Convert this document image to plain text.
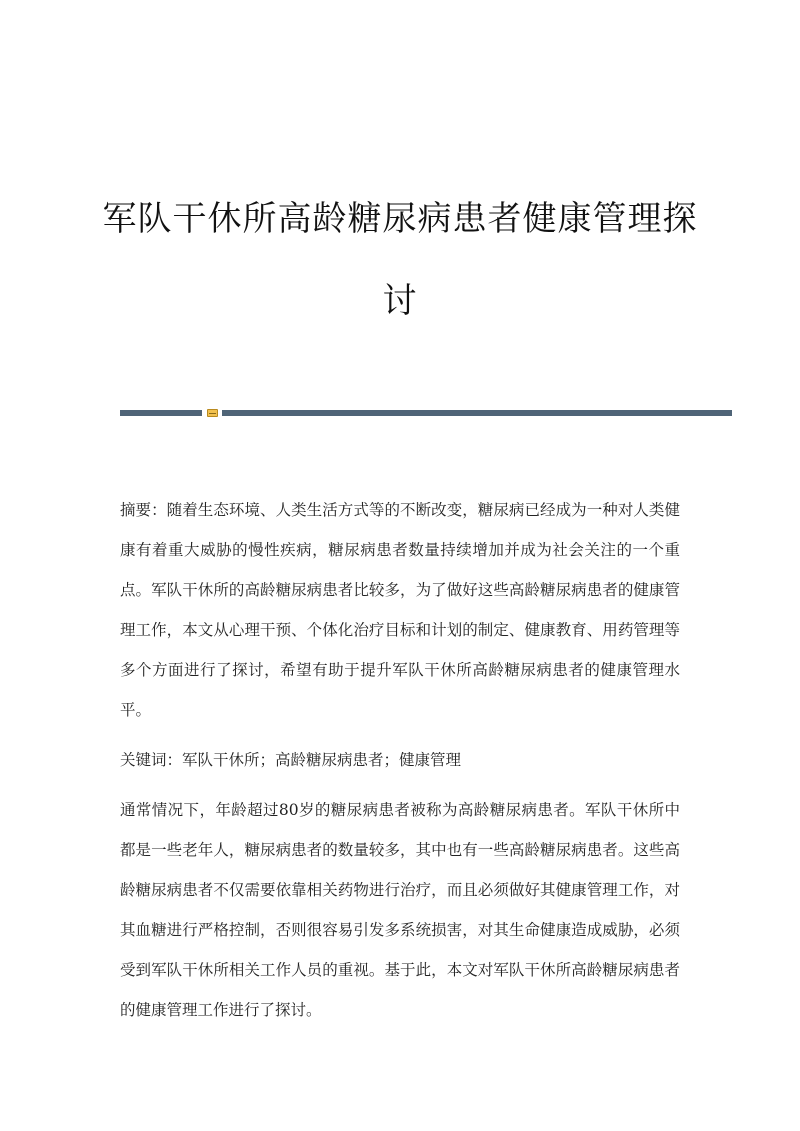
军队干休所高龄糖尿病患者健康管理探讨

摘要：随着生态环境、人类生活方式等的不断改变，糖尿病已经成为一种对人类健康有着重大威胁的慢性疾病，糖尿病患者数量持续增加并成为社会关注的一个重点。军队干休所的高龄糖尿病患者比较多，为了做好这些高龄糖尿病患者的健康管理工作，本文从心理干预、个体化治疗目标和计划的制定、健康教育、用药管理等多个方面进行了探讨，希望有助于提升军队干休所高龄糖尿病患者的健康管理水平。

关键词：军队干休所；高龄糖尿病患者；健康管理

通常情况下，年龄超过80岁的糖尿病患者被称为高龄糖尿病患者。军队干休所中都是一些老年人，糖尿病患者的数量较多，其中也有一些高龄糖尿病患者。这些高龄糖尿病患者不仅需要依靠相关药物进行治疗，而且必须做好其健康管理工作，对其血糖进行严格控制，否则很容易引发多系统损害，对其生命健康造成威胁，必须受到军队干休所相关工作人员的重视。基于此，本文对军队干休所高龄糖尿病患者的健康管理工作进行了探讨。
